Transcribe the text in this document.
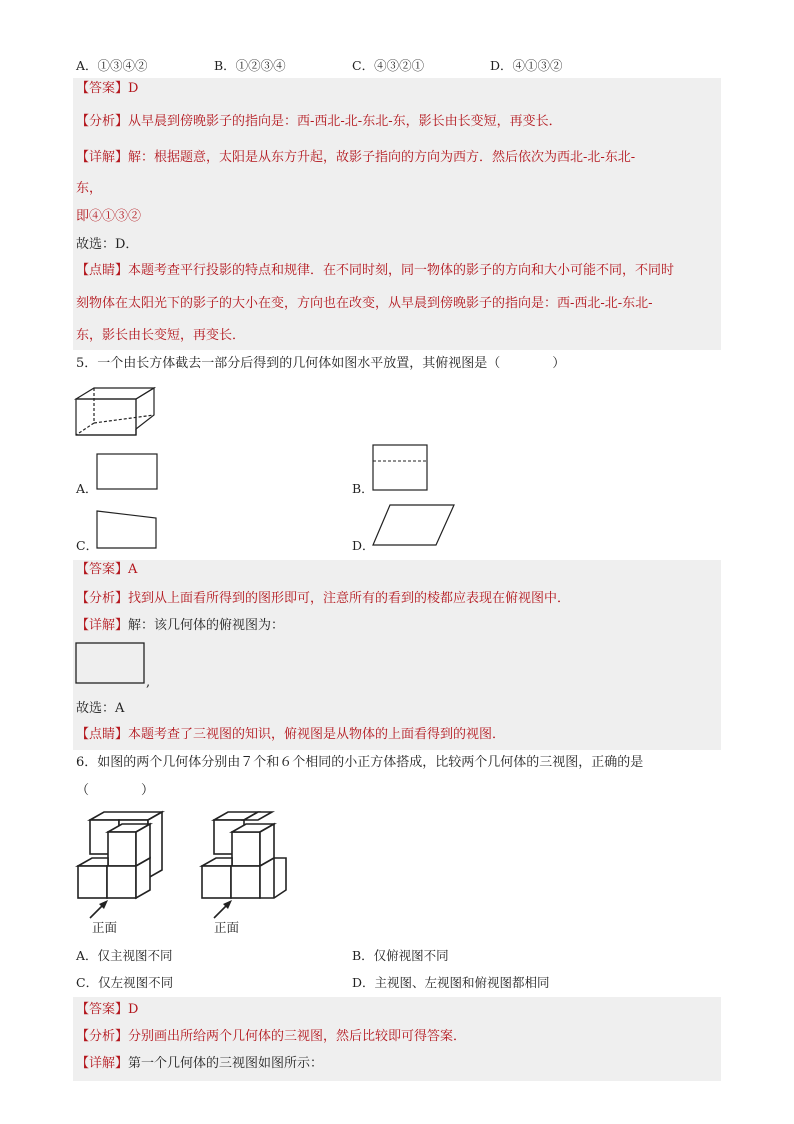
A．①③④②	B．①②③④	C．④③②①	D．④①③②
【答案】D
【分析】从早晨到傍晚影子的指向是：西-西北-北-东北-东，影长由长变短，再变长．
【详解】解：根据题意，太阳是从东方升起，故影子指向的方向为西方．然后依次为西北-北-东北-
东，
即④①③②
故选：D．
【点睛】本题考查平行投影的特点和规律．在不同时刻，同一物体的影子的方向和大小可能不同，不同时
刻物体在太阳光下的影子的大小在变，方向也在改变，从早晨到傍晚影子的指向是：西-西北-北-东北-
东，影长由长变短，再变长．
5．一个由长方体截去一部分后得到的几何体如图水平放置，其俯视图是（　　　　）
A．	B．
C．	D．
【答案】A
【分析】找到从上面看所得到的图形即可，注意所有的看到的棱都应表现在俯视图中．
【详解】解：该几何体的俯视图为：
,
故选：A
【点睛】本题考查了三视图的知识，俯视图是从物体的上面看得到的视图．
6．如图的两个几何体分别由７个和６个相同的小正方体搭成，比较两个几何体的三视图，正确的是
（　　　　）
正面	正面
A．仅主视图不同	B．仅俯视图不同
C．仅左视图不同	D．主视图、左视图和俯视图都相同
【答案】D
【分析】分别画出所给两个几何体的三视图，然后比较即可得答案．
【详解】第一个几何体的三视图如图所示：
